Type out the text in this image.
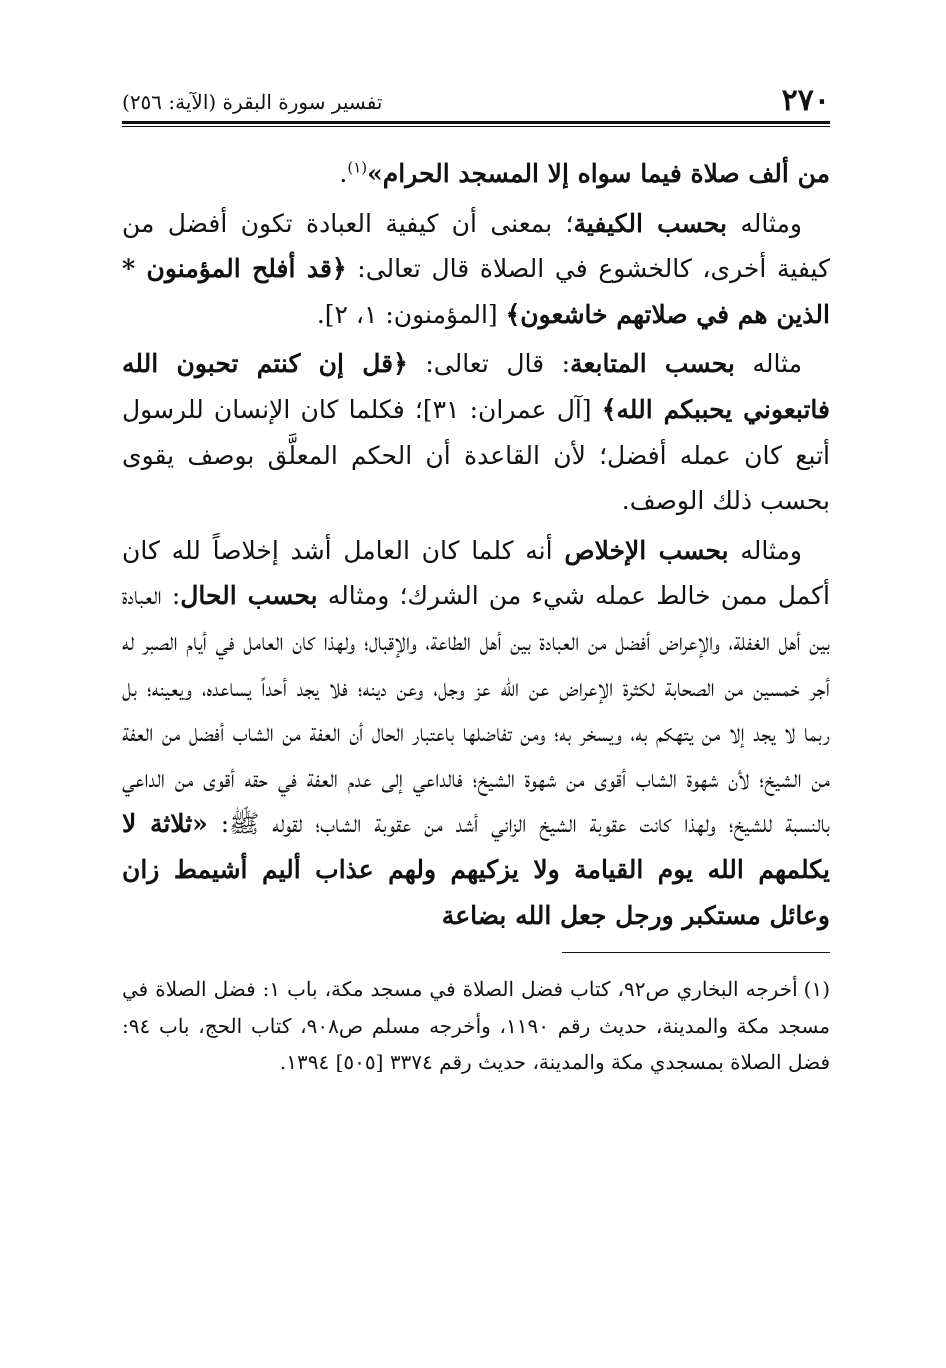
٢٧٠
تفسير سورة البقرة (الآية: ٢٥٦)

من ألف صلاة فيما سواه إلا المسجد الحرام»$^{(١)}$.

ومثاله بحسب الكيفية؛ بمعنى أن كيفية العبادة تكون أفضل من كيفية أخرى، كالخشوع في الصلاة قال تعالى: ﴿قد أفلح المؤمنون * الذين هم في صلاتهم خاشعون﴾ [المؤمنون: ١، ٢].

مثاله بحسب المتابعة: قال تعالى: ﴿قل إن كنتم تحبون الله فاتبعوني يحببكم الله﴾ [آل عمران: ٣١]؛ فكلما كان الإنسان للرسول أتبع كان عمله أفضل؛ لأن القاعدة أن الحكم المعلَّق بوصف يقوى بحسب ذلك الوصف.

ومثاله بحسب الإخلاص أنه كلما كان العامل أشد إخلاصاً لله كان أكمل ممن خالط عمله شيء من الشرك؛ ومثاله بحسب الحال: العبادة بين أهل الغفلة، والإعراض أفضل من العبادة بين أهل الطاعة، والإقبال؛ ولهذا كان العامل في أيام الصبر له أجر خمسين من الصحابة لكثرة الإعراض عن الله عز وجل، وعن دينه؛ فلا يجد أحداً يساعده، ويعينه؛ بل ربما لا يجد إلا من يتهكم به، ويسخر به؛ ومن تفاضلها باعتبار الحال أن العفة من الشاب أفضل من العفة من الشيخ؛ لأن شهوة الشاب أقوى من شهوة الشيخ؛ فالداعي إلى عدم العفة في حقه أقوى من الداعي بالنسبة للشيخ؛ ولهذا كانت عقوبة الشيخ الزاني أشد من عقوبة الشاب؛ لقوله ﷺ: «ثلاثة لا يكلمهم الله يوم القيامة ولا يزكيهم ولهم عذاب أليم أشيمط زان وعائل مستكبر ورجل جعل الله بضاعة

(١)أخرجه البخاري ص٩٢، كتاب فضل الصلاة في مسجد مكة، باب ١: فضل الصلاة في مسجد مكة والمدينة، حديث رقم ١١٩٠، وأخرجه مسلم ص٩٠٨، كتاب الحج، باب ٩٤: فضل الصلاة بمسجدي مكة والمدينة، حديث رقم ٣٣٧٤ [٥٠٥] ١٣٩٤.
